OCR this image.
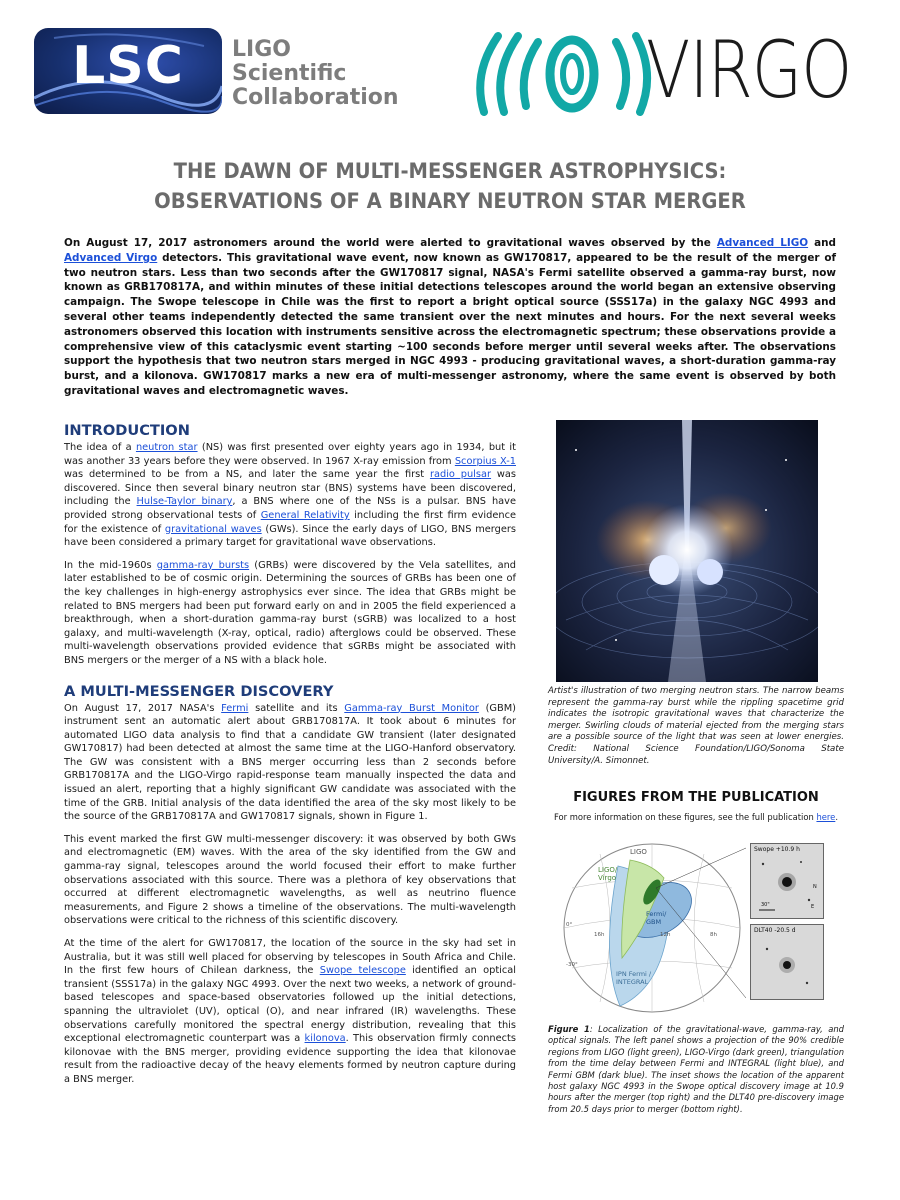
LSC	LIGO
Scientific
Collaboration	VIRGO
THE DAWN OF MULTI-MESSENGER ASTROPHYSICS:
OBSERVATIONS OF A BINARY NEUTRON STAR MERGER
On August 17, 2017 astronomers around the world were alerted to gravitational waves observed by the Advanced LIGO and Advanced Virgo detectors. This gravitational wave event, now known as GW170817, appeared to be the result of the merger of two neutron stars. Less than two seconds after the GW170817 signal, NASA's Fermi satellite observed a gamma-ray burst, now known as GRB170817A, and within minutes of these initial detections telescopes around the world began an extensive observing campaign. The Swope telescope in Chile was the first to report a bright optical source (SSS17a) in the galaxy NGC 4993 and several other teams independently detected the same transient over the next minutes and hours. For the next several weeks astronomers observed this location with instruments sensitive across the electromagnetic spectrum; these observations provide a comprehensive view of this cataclysmic event starting ~100 seconds before merger until several weeks after. The observations support the hypothesis that two neutron stars merged in NGC 4993 - producing gravitational waves, a short-duration gamma-ray burst, and a kilonova. GW170817 marks a new era of multi-messenger astronomy, where the same event is observed by both gravitational waves and electromagnetic waves.
INTRODUCTION

The idea of a neutron star (NS) was first presented over eighty years ago in 1934, but it was another 33 years before they were observed. In 1967 X-ray emission from Scorpius X-1 was determined to be from a NS, and later the same year the first radio pulsar was discovered. Since then several binary neutron star (BNS) systems have been discovered, including the Hulse-Taylor binary, a BNS where one of the NSs is a pulsar. BNS have provided strong observational tests of General Relativity including the first firm evidence for the existence of gravitational waves (GWs). Since the early days of LIGO, BNS mergers have been considered a primary target for gravitational wave observations.

In the mid-1960s gamma-ray bursts (GRBs) were discovered by the Vela satellites, and later established to be of cosmic origin. Determining the sources of GRBs has been one of the key challenges in high-energy astrophysics ever since. The idea that GRBs might be related to BNS mergers had been put forward early on and in 2005 the field experienced a breakthrough, when a short-duration gamma-ray burst (sGRB) was localized to a host galaxy, and multi-wavelength (X-ray, optical, radio) afterglows could be observed. These multi-wavelength observations provided evidence that sGRBs might be associated with BNS mergers or the merger of a NS with a black hole.

A MULTI-MESSENGER DISCOVERY

On August 17, 2017 NASA's Fermi satellite and its Gamma-ray Burst Monitor (GBM) instrument sent an automatic alert about GRB170817A. It took about 6 minutes for automated LIGO data analysis to find that a candidate GW transient (later designated GW170817) had been detected at almost the same time at the LIGO-Hanford observatory. The GW was consistent with a BNS merger occurring less than 2 seconds before GRB170817A and the LIGO-Virgo rapid-response team manually inspected the data and issued an alert, reporting that a highly significant GW candidate was associated with the time of the GRB. Initial analysis of the data identified the area of the sky most likely to be the source of the GRB170817A and GW170817 signals, shown in Figure 1.

This event marked the first GW multi-messenger discovery: it was observed by both GWs and electromagnetic (EM) waves. With the area of the sky identified from the GW and gamma-ray signal, telescopes around the world focused their effort to make further observations associated with this source. There was a plethora of key observations that occurred at different electromagnetic wavelengths, as well as neutrino fluence measurements, and Figure 2 shows a timeline of the observations. The multi-wavelength observations were critical to the richness of this scientific discovery.

At the time of the alert for GW170817, the location of the source in the sky had set in Australia, but it was still well placed for observing by telescopes in South Africa and Chile. In the first few hours of Chilean darkness, the Swope telescope identified an optical transient (SSS17a) in the galaxy NGC 4993. Over the next two weeks, a network of ground-based telescopes and space-based observatories followed up the initial detections, spanning the ultraviolet (UV), optical (O), and near infrared (IR) wavelengths. These observations carefully monitored the spectral energy distribution, revealing that this exceptional electromagnetic counterpart was a kilonova. This observation firmly connects kilonovae with the BNS merger, providing evidence supporting the idea that kilonovae result from the radioactive decay of the heavy elements formed by neutron capture during a BNS merger.

Artist's illustration of two merging neutron stars. The narrow beams represent the gamma-ray burst while the rippling spacetime grid indicates the isotropic gravitational waves that characterize the merger. Swirling clouds of material ejected from the merging stars are a possible source of the light that was seen at lower energies. Credit: National Science Foundation/LIGO/Sonoma State University/A. Simonnet.
FIGURES FROM THE PUBLICATION
For more information on these figures, see the full publication here.
LIGO
LIGO/
Virgo
Fermi/
GBM
IPN Fermi /
INTEGRAL
12h	8h
16h
-30°
0°
30"
N
E
Swope +10.9 h
DLT40 -20.5 d
Figure 1: Localization of the gravitational-wave, gamma-ray, and optical signals. The left panel shows a projection of the 90% credible regions from LIGO (light green), LIGO-Virgo (dark green), triangulation from the time delay between Fermi and INTEGRAL (light blue), and Fermi GBM (dark blue). The inset shows the location of the apparent host galaxy NGC 4993 in the Swope optical discovery image at 10.9 hours after the merger (top right) and the DLT40 pre-discovery image from 20.5 days prior to merger (bottom right).
